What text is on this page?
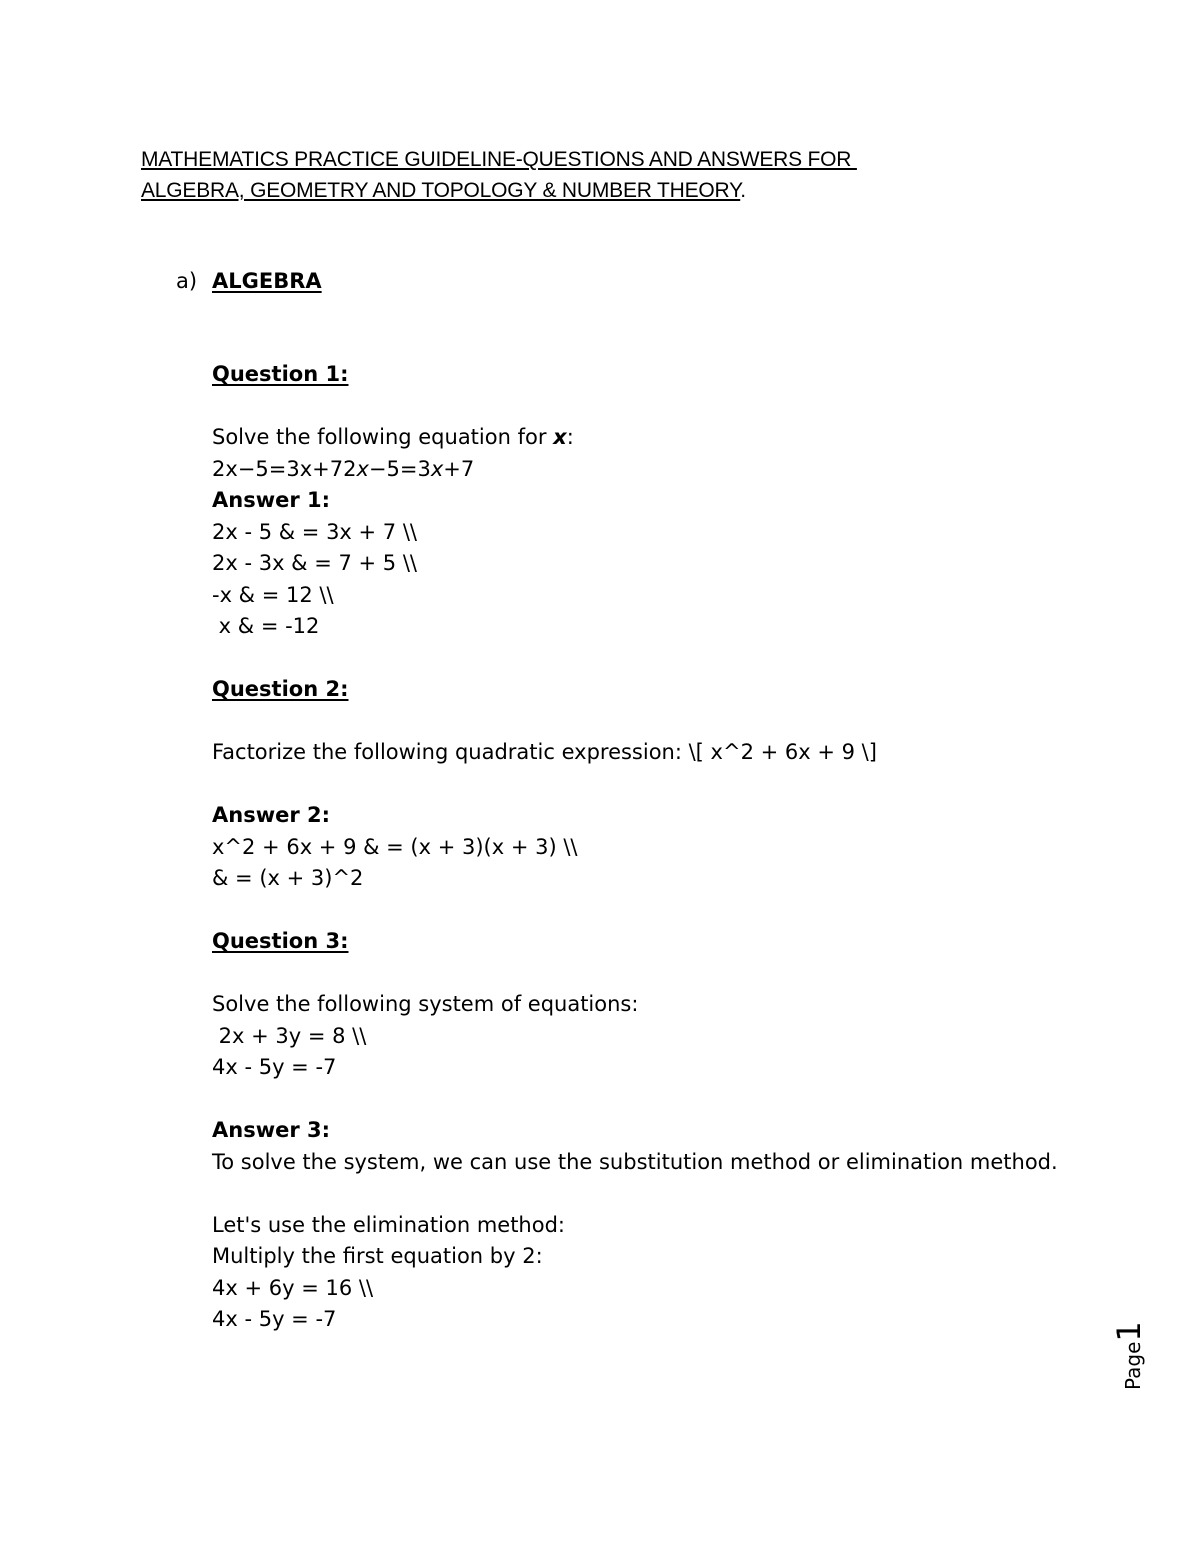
MATHEMATICS PRACTICE GUIDELINE-QUESTIONS AND ANSWERS FOR
ALGEBRA, GEOMETRY AND TOPOLOGY & NUMBER THEORY.
a) ALGEBRA
Question 1:
Solve the following equation for x:
2x−5=3x+72x−5=3x+7
Answer 1:
2x - 5 & = 3x + 7 \\
2x - 3x & = 7 + 5 \\
-x & = 12 \\
x & = -12
Question 2:
Factorize the following quadratic expression: \[ x^2 + 6x + 9 \]
Answer 2:
x^2 + 6x + 9 & = (x + 3)(x + 3) \\
& = (x + 3)^2
Question 3:
Solve the following system of equations:
2x + 3y = 8 \\
4x - 5y = -7
Answer 3:
To solve the system, we can use the substitution method or elimination method.
Let's use the elimination method:
Multiply the first equation by 2:
4x + 6y = 16 \\
4x - 5y = -7
Page1
